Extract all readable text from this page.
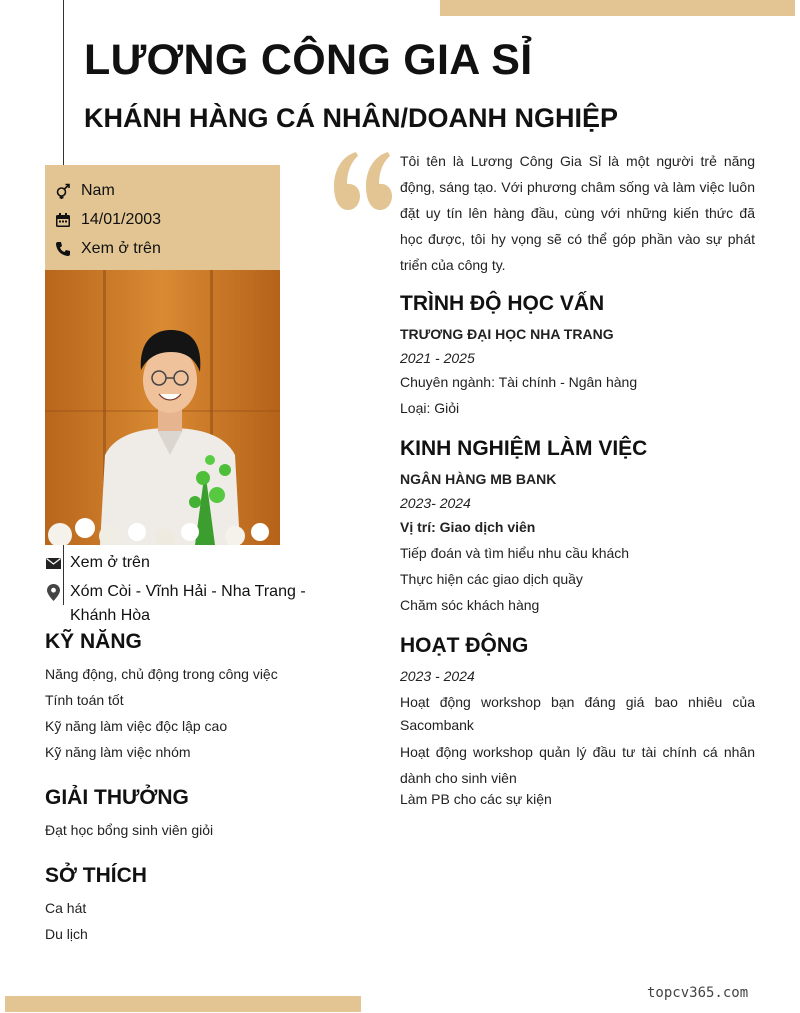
LƯƠNG CÔNG GIA SỈ
KHÁNH HÀNG CÁ NHÂN/DOANH NGHIỆP
Nam
14/01/2003
Xem ở trên
Xem ở trên
Xóm Còi - Vĩnh Hải - Nha Trang - Khánh Hòa
KỸ NĂNG
Năng động, chủ động trong công việc
Tính toán tốt
Kỹ năng làm việc độc lập cao
Kỹ năng làm việc nhóm
GIẢI THƯỞNG
Đạt học bổng sinh viên giỏi
SỞ THÍCH
Ca hát
Du lịch
Tôi tên là Lương Công Gia Sỉ là một người trẻ năng động, sáng tạo. Với phương châm sống và làm việc luôn đặt uy tín lên hàng đầu, cùng với những kiến thức đã học được, tôi hy vọng sẽ có thể góp phần vào sự phát triển của công ty.
TRÌNH ĐỘ HỌC VẤN
TRƯƠNG ĐẠI HỌC NHA TRANG
2021 - 2025
Chuyên ngành: Tài chính - Ngân hàng
Loại: Giỏi
KINH NGHIỆM LÀM VIỆC
NGÂN HÀNG MB BANK
2023- 2024
Vị trí: Giao dịch viên
Tiếp đoán và tìm hiểu nhu cầu khách
Thực hiện các giao dịch quầy
Chăm sóc khách hàng
HOẠT ĐỘNG
2023 - 2024
Hoạt động workshop bạn đáng giá bao nhiêu của Sacombank
Hoạt động workshop quản lý đầu tư tài chính cá nhân dành cho sinh viên
Làm PB cho các sự kiện
topcv365.com
